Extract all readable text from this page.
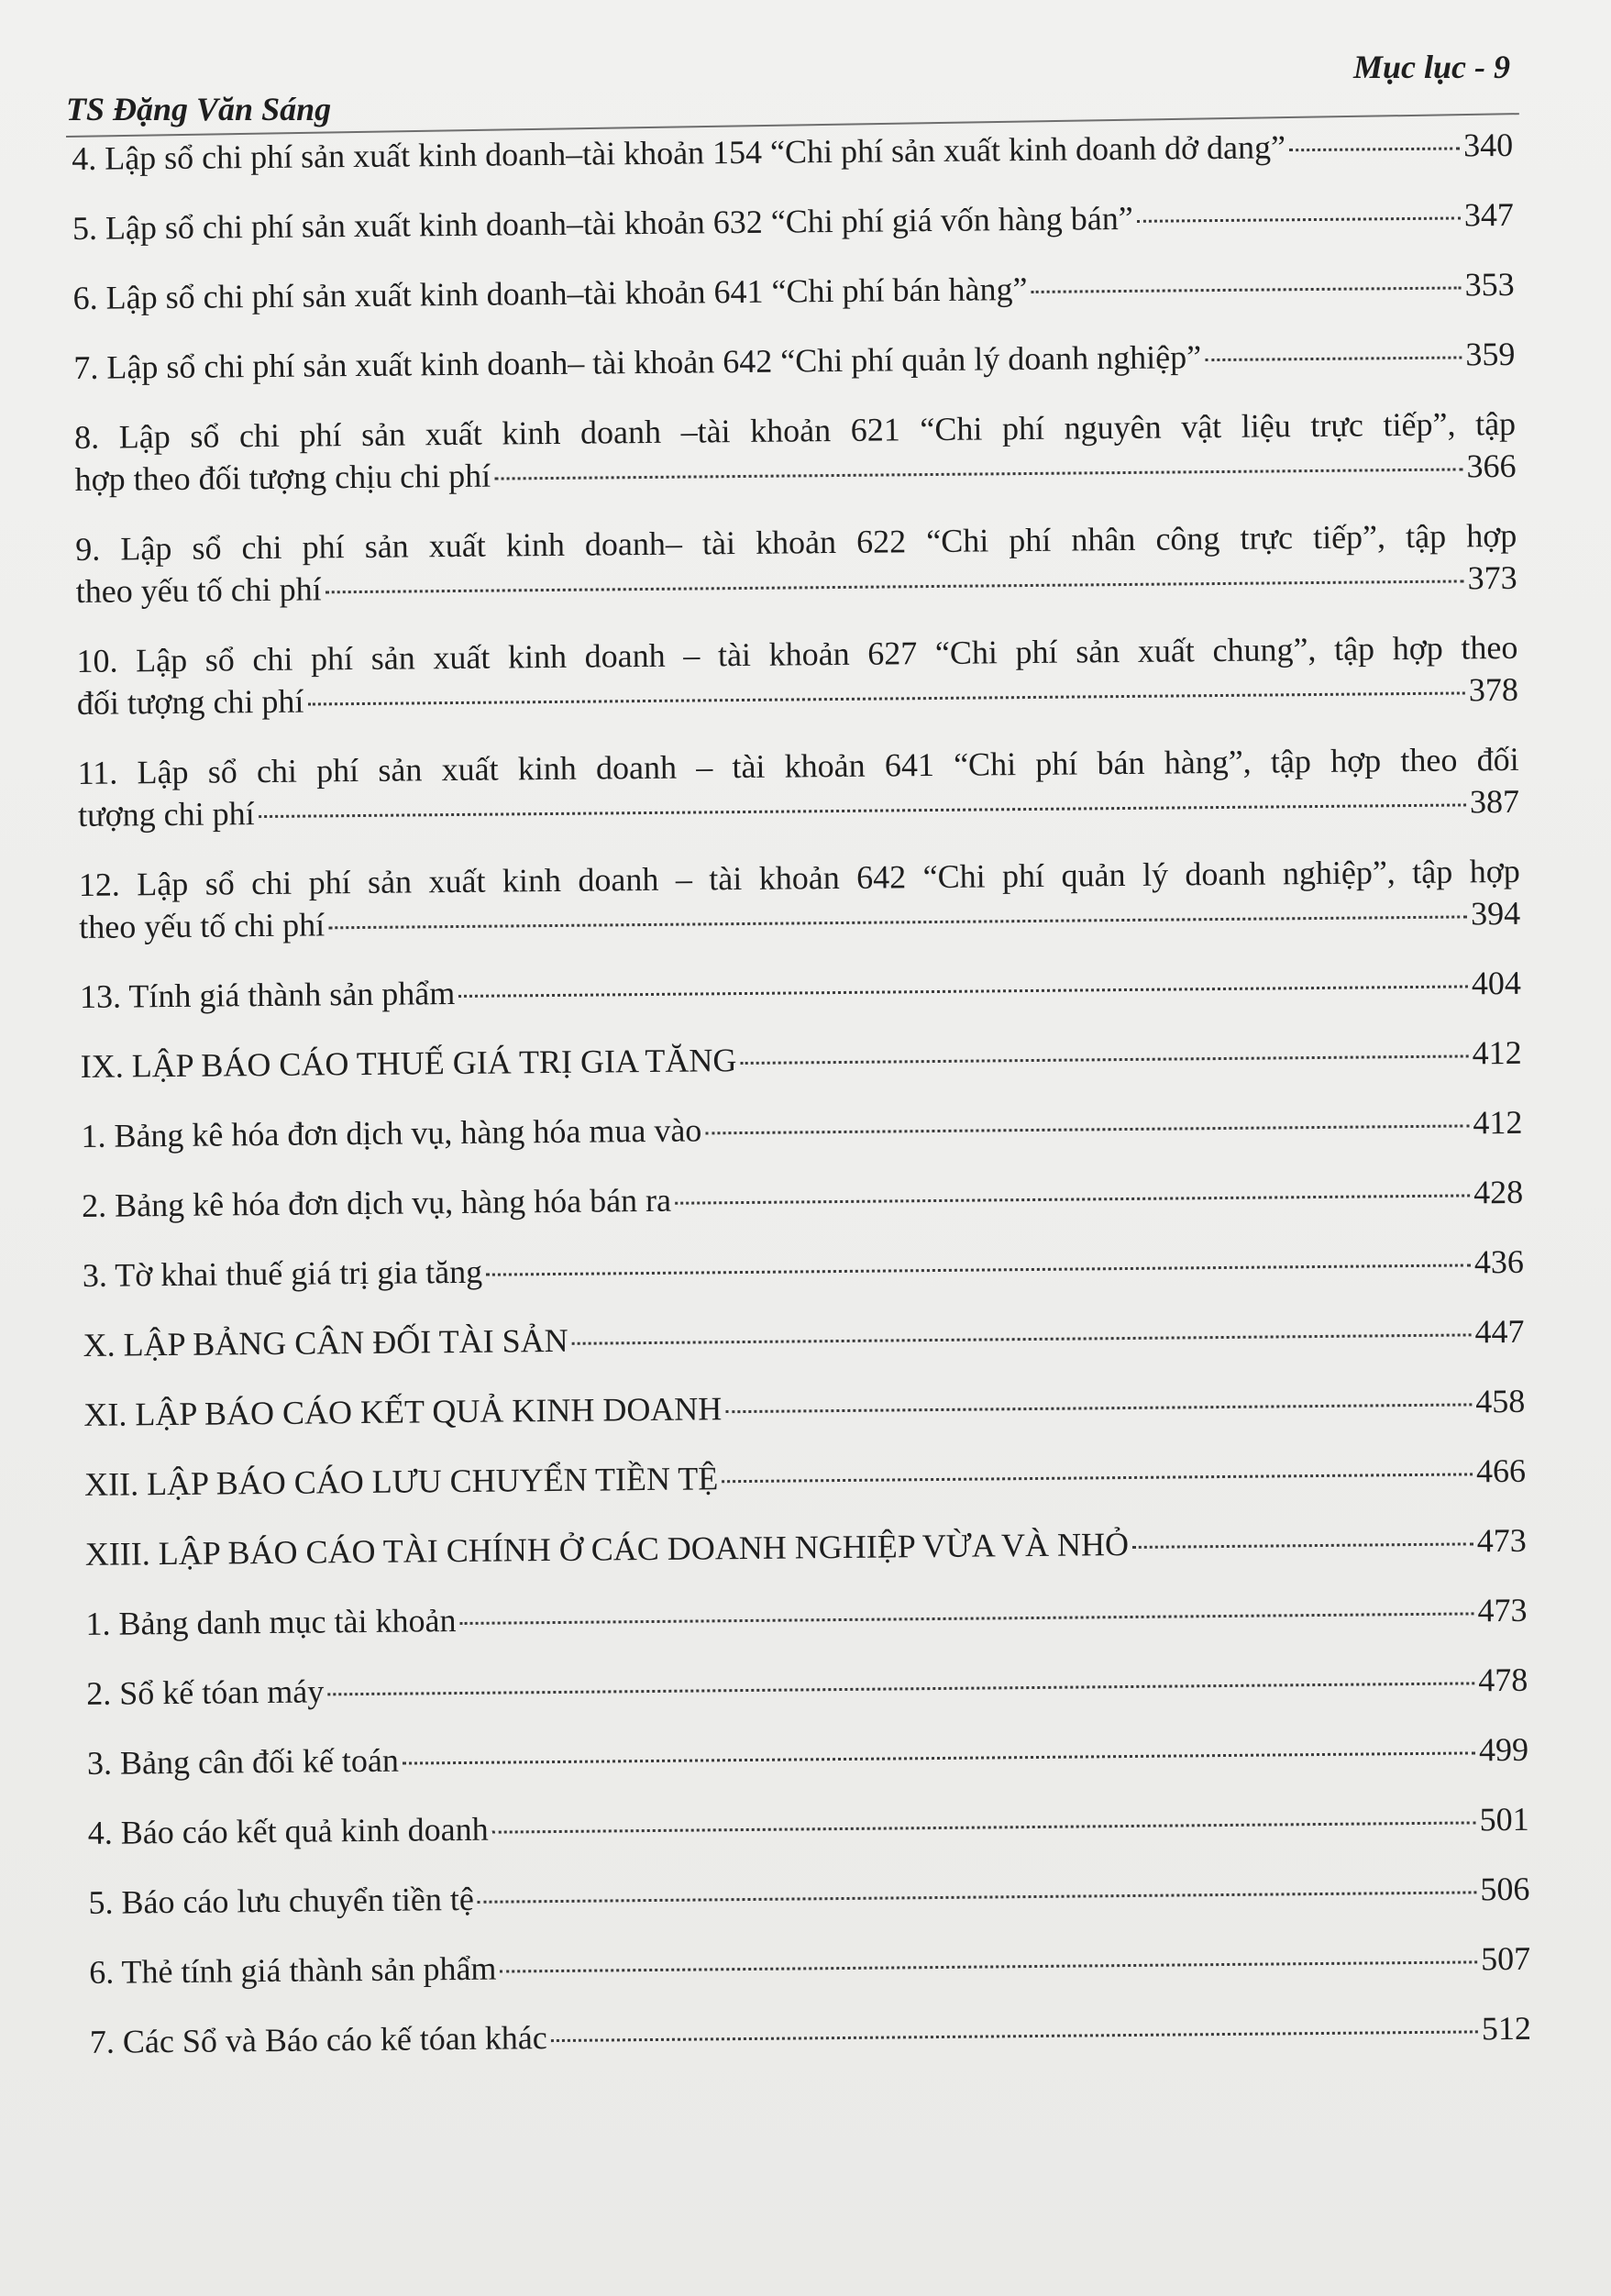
TS Đặng Văn Sáng
Mục lục - 9
4. Lập sổ chi phí sản xuất kinh doanh–tài khoản 154 “Chi phí sản xuất kinh doanh dở dang”	340
5. Lập sổ chi phí sản xuất kinh doanh–tài khoản 632 “Chi phí giá vốn hàng bán”	347
6. Lập sổ chi phí sản xuất kinh doanh–tài khoản 641 “Chi phí bán hàng”	353
7. Lập sổ chi phí sản xuất kinh doanh– tài khoản 642 “Chi phí quản lý doanh nghiệp”	359
8. Lập sổ chi phí sản xuất kinh doanh –tài khoản 621 “Chi phí nguyên vật liệu trực tiếp”, tập
hợp theo đối tượng chịu chi phí	366
9. Lập sổ chi phí sản xuất kinh doanh– tài khoản 622 “Chi phí nhân công trực tiếp”, tập hợp
theo yếu tố chi phí	373
10. Lập sổ chi phí sản xuất kinh doanh – tài khoản 627 “Chi phí sản xuất chung”, tập hợp theo
đối tượng chi phí	378
11. Lập sổ chi phí sản xuất kinh doanh – tài khoản 641 “Chi phí bán hàng”, tập hợp theo đối
tượng chi phí	387
12. Lập sổ chi phí sản xuất kinh doanh – tài khoản 642 “Chi phí quản lý doanh nghiệp”, tập hợp
theo yếu tố chi phí	394
13. Tính giá thành sản phẩm	404
IX. LẬP BÁO CÁO THUẾ GIÁ TRỊ GIA TĂNG	412
1. Bảng kê hóa đơn dịch vụ, hàng hóa mua vào	412
2. Bảng kê hóa đơn dịch vụ, hàng hóa bán ra	428
3. Tờ khai thuế giá trị gia tăng	436
X. LẬP BẢNG CÂN ĐỐI TÀI SẢN	447
XI. LẬP BÁO CÁO KẾT QUẢ KINH DOANH	458
XII. LẬP BÁO CÁO LƯU CHUYỂN TIỀN TỆ	466
XIII. LẬP BÁO CÁO TÀI CHÍNH Ở CÁC DOANH NGHIỆP VỪA VÀ NHỎ	473
1. Bảng danh mục tài khoản	473
2. Sổ kế tóan máy	478
3. Bảng cân đối kế toán	499
4. Báo cáo kết quả kinh doanh	501
5. Báo cáo lưu chuyển tiền tệ	506
6. Thẻ tính giá thành sản phẩm	507
7. Các Sổ và Báo cáo kế tóan khác	512
